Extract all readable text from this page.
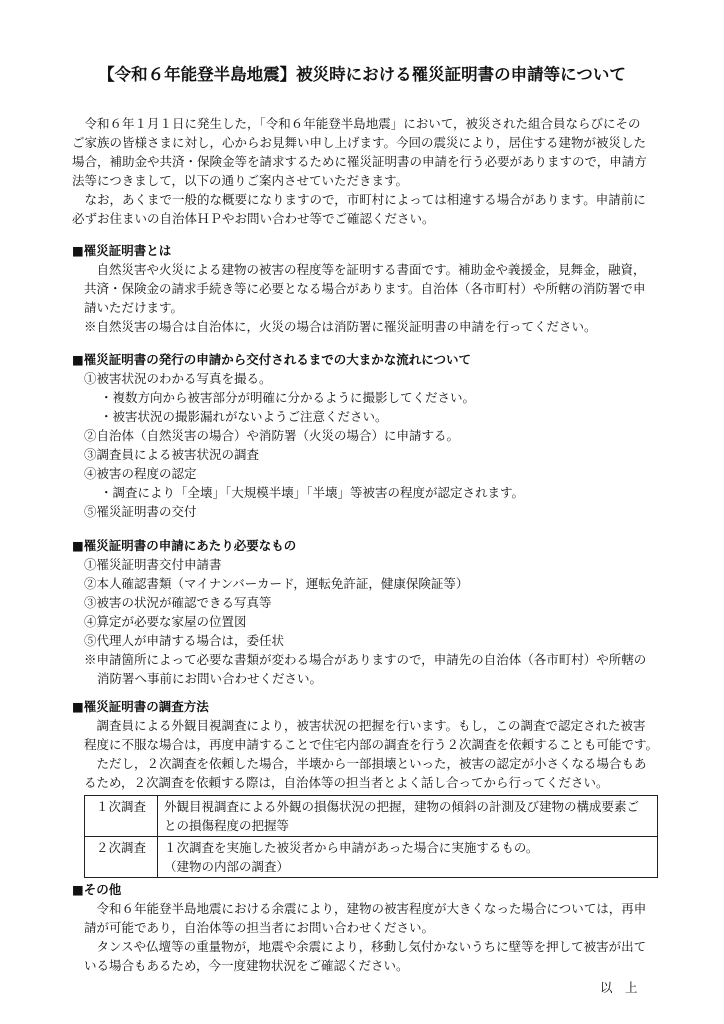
【令和６年能登半島地震】被災時における罹災証明書の申請等について

令和６年１月１日に発生した，「令和６年能登半島地震」において，被災された組合員ならびにその

ご家族の皆様さまに対し，心からお見舞い申し上げます。今回の震災により，居住する建物が被災した

場合，補助金や共済・保険金等を請求するために罹災証明書の申請を行う必要がありますので，申請方

法等につきまして，以下の通りご案内させていただきます。

なお，あくまで一般的な概要になりますので，市町村によっては相違する場合があります。申請前に

必ずお住まいの自治体ＨＰやお問い合わせ等でご確認ください。

■罹災証明書とは

自然災害や火災による建物の被害の程度等を証明する書面です。補助金や義援金，見舞金，融資，

共済・保険金の請求手続き等に必要となる場合があります。自治体（各市町村）や所轄の消防署で申

請いただけます。

※自然災害の場合は自治体に，火災の場合は消防署に罹災証明書の申請を行ってください。

■罹災証明書の発行の申請から交付されるまでの大まかな流れについて

①被害状況のわかる写真を撮る。

・複数方向から被害部分が明確に分かるように撮影してください。

・被害状況の撮影漏れがないようご注意ください。

②自治体（自然災害の場合）や消防署（火災の場合）に申請する。

③調査員による被害状況の調査

④被害の程度の認定

・調査により「全壊」「大規模半壊」「半壊」等被害の程度が認定されます。

⑤罹災証明書の交付

■罹災証明書の申請にあたり必要なもの

①罹災証明書交付申請書

②本人確認書類（マイナンバーカード，運転免許証，健康保険証等）

③被害の状況が確認できる写真等

④算定が必要な家屋の位置図

⑤代理人が申請する場合は，委任状

※申請箇所によって必要な書類が変わる場合がありますので，申請先の自治体（各市町村）や所轄の

消防署へ事前にお問い合わせください。

■罹災証明書の調査方法

調査員による外観目視調査により，被害状況の把握を行います。もし，この調査で認定された被害

程度に不服な場合は，再度申請することで住宅内部の調査を行う２次調査を依頼することも可能です。

ただし，２次調査を依頼した場合，半壊から一部損壊といった，被害の認定が小さくなる場合もあ

るため，２次調査を依頼する際は，自治体等の担当者とよく話し合ってから行ってください。

１次調査	外観目視調査による外観の損傷状況の把握，建物の傾斜の計測及び建物の構成要素ご
との損傷程度の把握等

２次調査	１次調査を実施した被災者から申請があった場合に実施するもの。
（建物の内部の調査）

■その他

令和６年能登半島地震における余震により，建物の被害程度が大きくなった場合については，再申

請が可能であり，自治体等の担当者にお問い合わせください。

タンスや仏壇等の重量物が，地震や余震により，移動し気付かないうちに壁等を押して被害が出て

いる場合もあるため，今一度建物状況をご確認ください。

以　上
